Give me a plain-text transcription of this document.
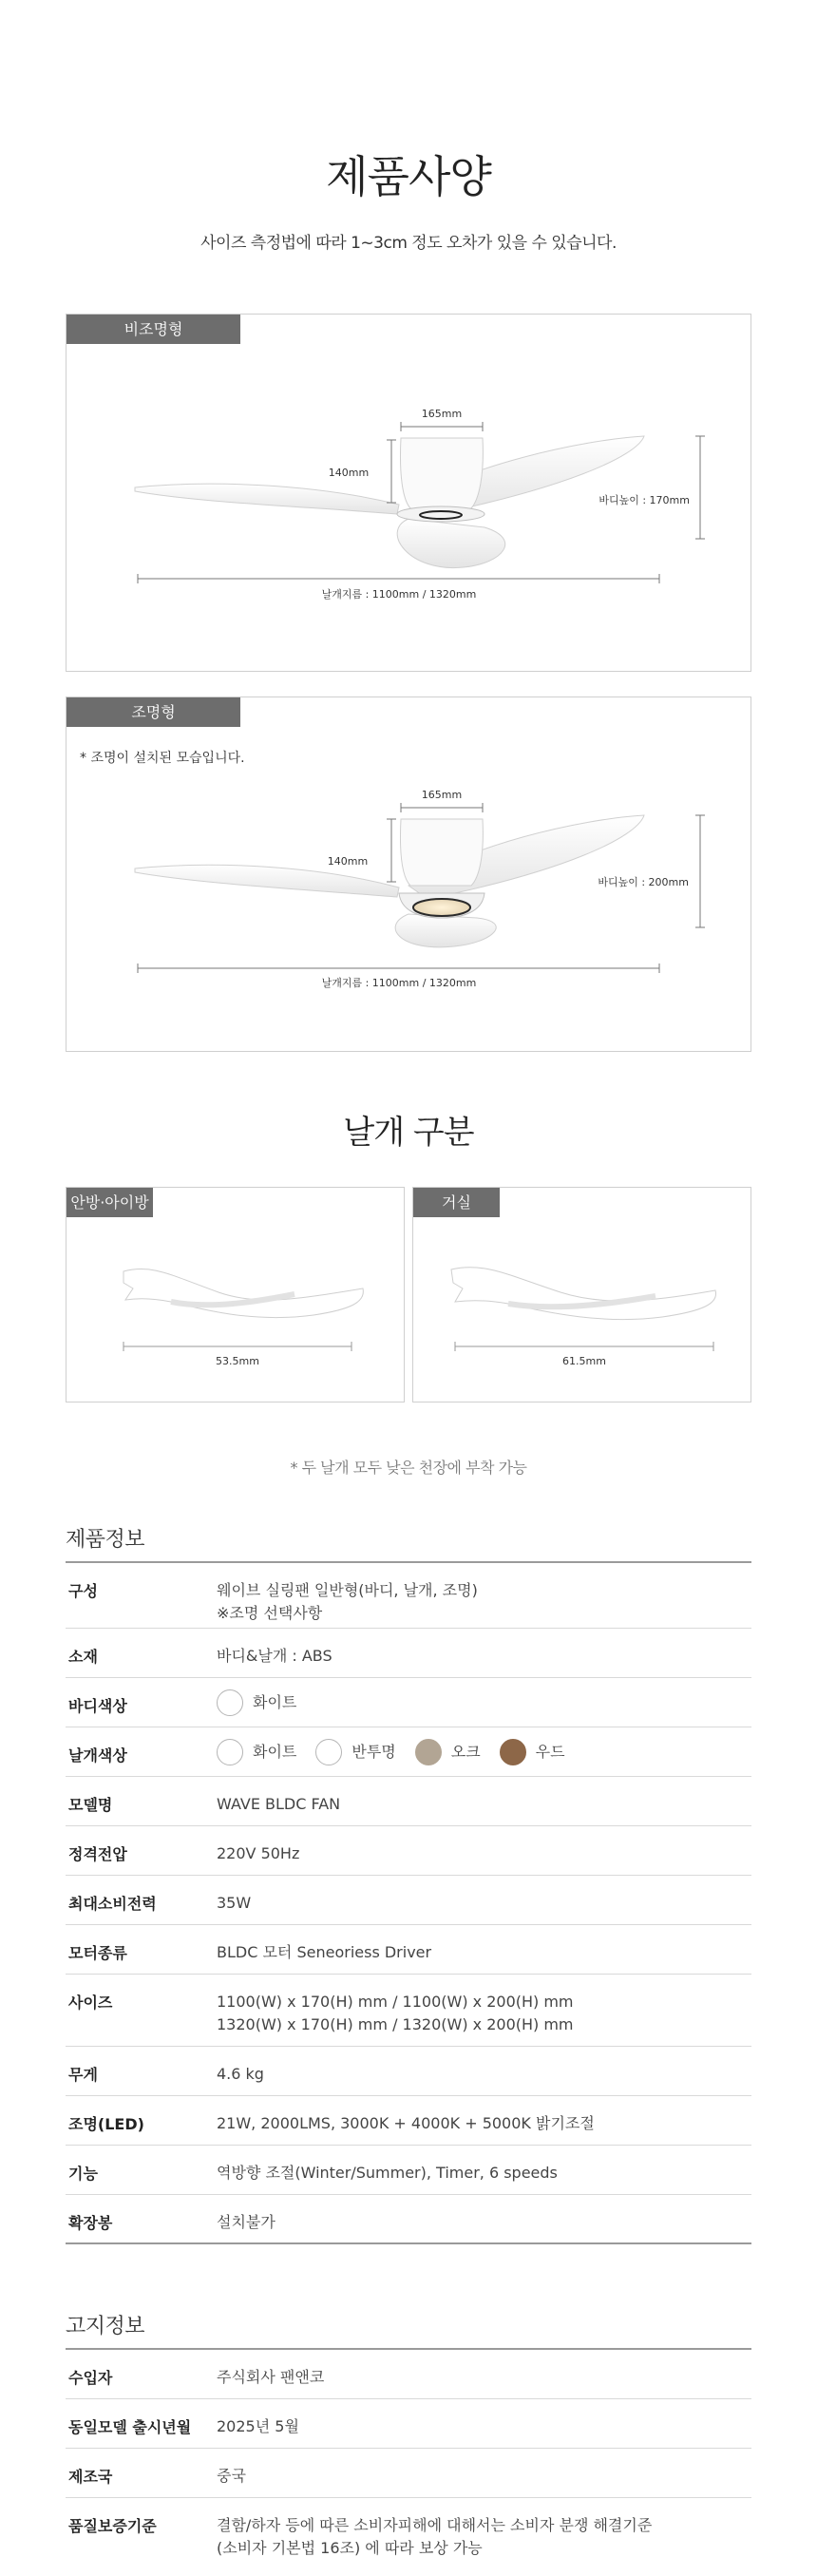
제품사양

사이즈 측정법에 따라 1~3cm 정도 오차가 있을 수 있습니다.

비조명형
165mm
140mm
바디높이 : 170mm
날개지름 : 1100mm / 1320mm
조명형
165mm
140mm
바디높이 : 200mm
날개지름 : 1100mm / 1320mm
* 조명이 설치된 모습입니다.
날개 구분
안방·아이방
53.5mm
거실
61.5mm

* 두 날개 모두 낮은 천장에 부착 가능

제품정보
구성	웨이브 실링팬 일반형(바디, 날개, 조명)
※조명 선택사항
소재	바디&날개 : ABS
바디색상	화이트
날개색상	화이트	반투명	오크	우드
모델명	WAVE BLDC FAN
정격전압	220V 50Hz
최대소비전력	35W
모터종류	BLDC 모터 Seneoriess Driver
사이즈	1100(W) x 170(H) mm / 1100(W) x 200(H) mm
1320(W) x 170(H) mm / 1320(W) x 200(H) mm
무게	4.6 kg
조명(LED)	21W, 2000LMS, 3000K + 4000K + 5000K 밝기조절
기능	역방향 조절(Winter/Summer), Timer, 6 speeds
확장봉	설치불가
고지정보
수입자	주식회사 팬앤코
동일모델 출시년월	2025년 5월
제조국	중국
품질보증기준	결함/하자 등에 따른 소비자피해에 대해서는 소비자 분쟁 해결기준
(소비자 기본법 16조) 에 따라 보상 가능
